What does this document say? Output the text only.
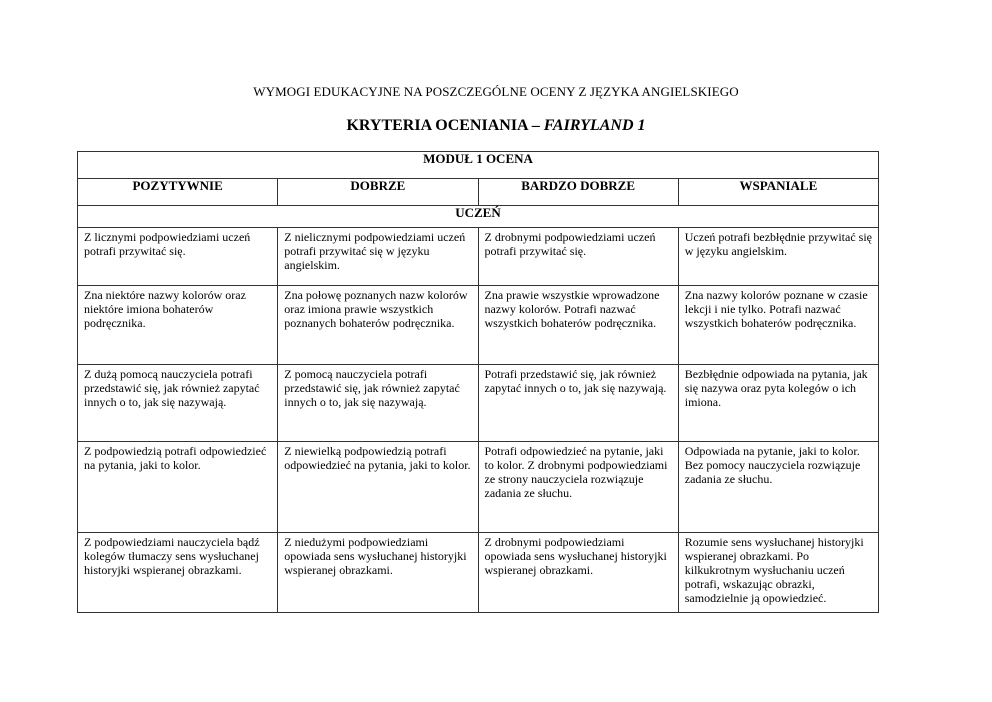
WYMOGI EDUKACYJNE NA POSZCZEGÓLNE OCENY Z JĘZYKA ANGIELSKIEGO
KRYTERIA OCENIANIA – FAIRYLAND 1
MODUŁ 1 OCENA			
POZYTYWNIE	DOBRZE	BARDZO DOBRZE	WSPANIALE
UCZEŃ			
Z licznymi podpowiedziami uczeń potrafi przywitać się.	Z nielicznymi podpowiedziami uczeń potrafi przywitać się w języku angielskim.	Z drobnymi podpowiedziami uczeń potrafi przywitać się.	Uczeń potrafi bezbłędnie przywitać się w języku angielskim.
Zna niektóre nazwy kolorów oraz niektóre imiona bohaterów podręcznika.	Zna połowę poznanych nazw kolorów oraz imiona prawie wszystkich poznanych bohaterów podręcznika.	Zna prawie wszystkie wprowadzone nazwy kolorów. Potrafi nazwać wszystkich bohaterów podręcznika.	Zna nazwy kolorów poznane w czasie lekcji i nie tylko. Potrafi nazwać wszystkich bohaterów podręcznika.
Z dużą pomocą nauczyciela potrafi przedstawić się, jak również zapytać innych o to, jak się nazywają.	Z pomocą nauczyciela potrafi przedstawić się, jak również zapytać innych o to, jak się nazywają.	Potrafi przedstawić się, jak również zapytać innych o to, jak się nazywają.	Bezbłędnie odpowiada na pytania, jak się nazywa oraz pyta kolegów o ich imiona.
Z podpowiedzią potrafi odpowiedzieć na pytania, jaki to kolor.	Z niewielką podpowiedzią potrafi odpowiedzieć na pytania, jaki to kolor.	Potrafi odpowiedzieć na pytanie, jaki to kolor. Z drobnymi podpowiedziami ze strony nauczyciela rozwiązuje zadania ze słuchu.	Odpowiada na pytanie, jaki to kolor. Bez pomocy nauczyciela rozwiązuje zadania ze słuchu.
Z podpowiedziami nauczyciela bądź kolegów tłumaczy sens wysłuchanej historyjki wspieranej obrazkami.	Z niedużymi podpowiedziami opowiada sens wysłuchanej historyjki wspieranej obrazkami.	Z drobnymi podpowiedziami opowiada sens wysłuchanej historyjki wspieranej obrazkami.	Rozumie sens wysłuchanej historyjki wspieranej obrazkami. Po kilkukrotnym wysłuchaniu uczeń potrafi, wskazując obrazki, samodzielnie ją opowiedzieć.
